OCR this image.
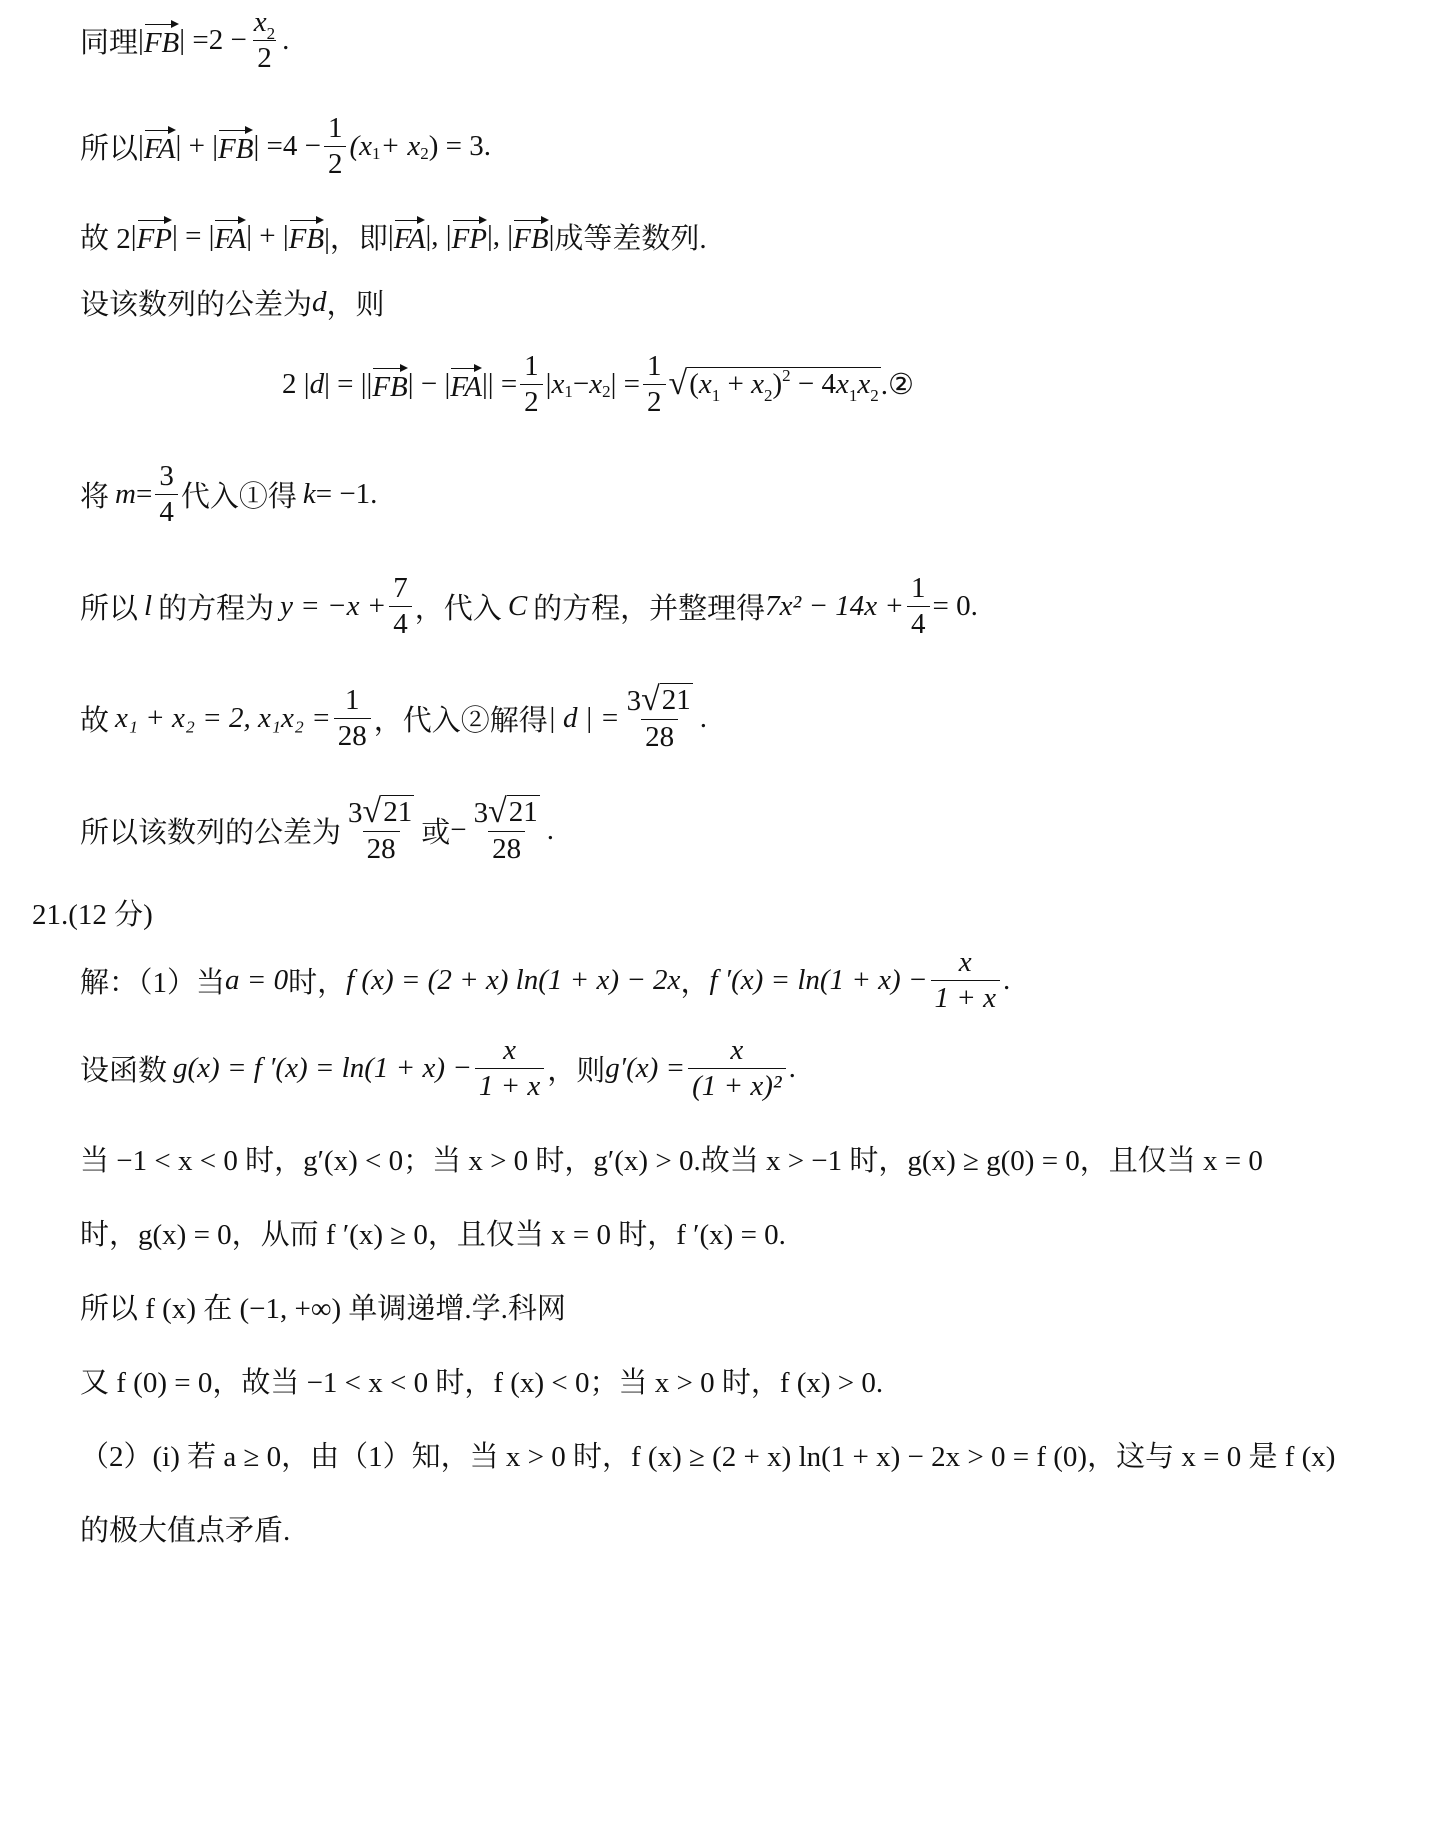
同理 | FB | = $2 - \frac{x_2}{2}$ .
所以 | FA | + | FB | = $4 - \frac{1}{2} (x$ 1 + x 2 ) = 3.
故 2 | FP | = | FA | + | FB |， 即 | FA |, | FP |, | FB | 成等差数列.
设该数列的公差为 d ，则
2 | d | = || FB | − | FA || = $\frac{1}{2}$ | x 1 − x 2 | = $\frac{1}{2}$ √ $(x_1 + x_2)^2 - 4x_1x_2$ .②
将 $m = \frac{3}{4}$ 代入①得 k = −1.
所以 l 的方程为 $y = -x + \frac{7}{4}$ ，代入 C 的方程，并整理得 $7x^2 - 14x + \frac{1}{4} = 0$.
故 x₁ + x₂ = 2, $x_1x_2 = \frac{1}{28}$ ，代入②解得 | d | = $\frac{3 √ 21}{28}$ .
所以该数列的公差为 $\frac{3 √ 21}{28}$ 或 − $\frac{3 √ 21}{28}$ .
21.(12 分)
解：（1）当 a = 0 时， f (x) = (2 + x) ln(1 + x) − 2x ， f $'(x) = \ln(1 + x) - \frac{x}{1 + x}$ .
设函数 g(x) = f $'(x) = \ln(1 + x) - \frac{x}{1 + x}$ ，则 $g'(x) = \frac{x}{\text{(1 + x)²}}$ .
当 −1 < x < 0 时，g′(x) < 0；当 x > 0 时，g′(x) > 0.故当 x > −1 时，g(x) ≥ g(0) = 0，且仅当 x = 0
时，g(x) = 0，从而 f ′(x) ≥ 0，且仅当 x = 0 时，f ′(x) = 0.
所以 f (x) 在 (−1, +∞) 单调递增.学.科网
又 f (0) = 0，故当 −1 < x < 0 时，f (x) < 0；当 x > 0 时，f (x) > 0.
（2）(i) 若 a ≥ 0，由（1）知，当 x > 0 时，f (x) ≥ (2 + x) ln(1 + x) − 2x > 0 = f (0)，这与 x = 0 是 f (x)
的极大值点矛盾.
